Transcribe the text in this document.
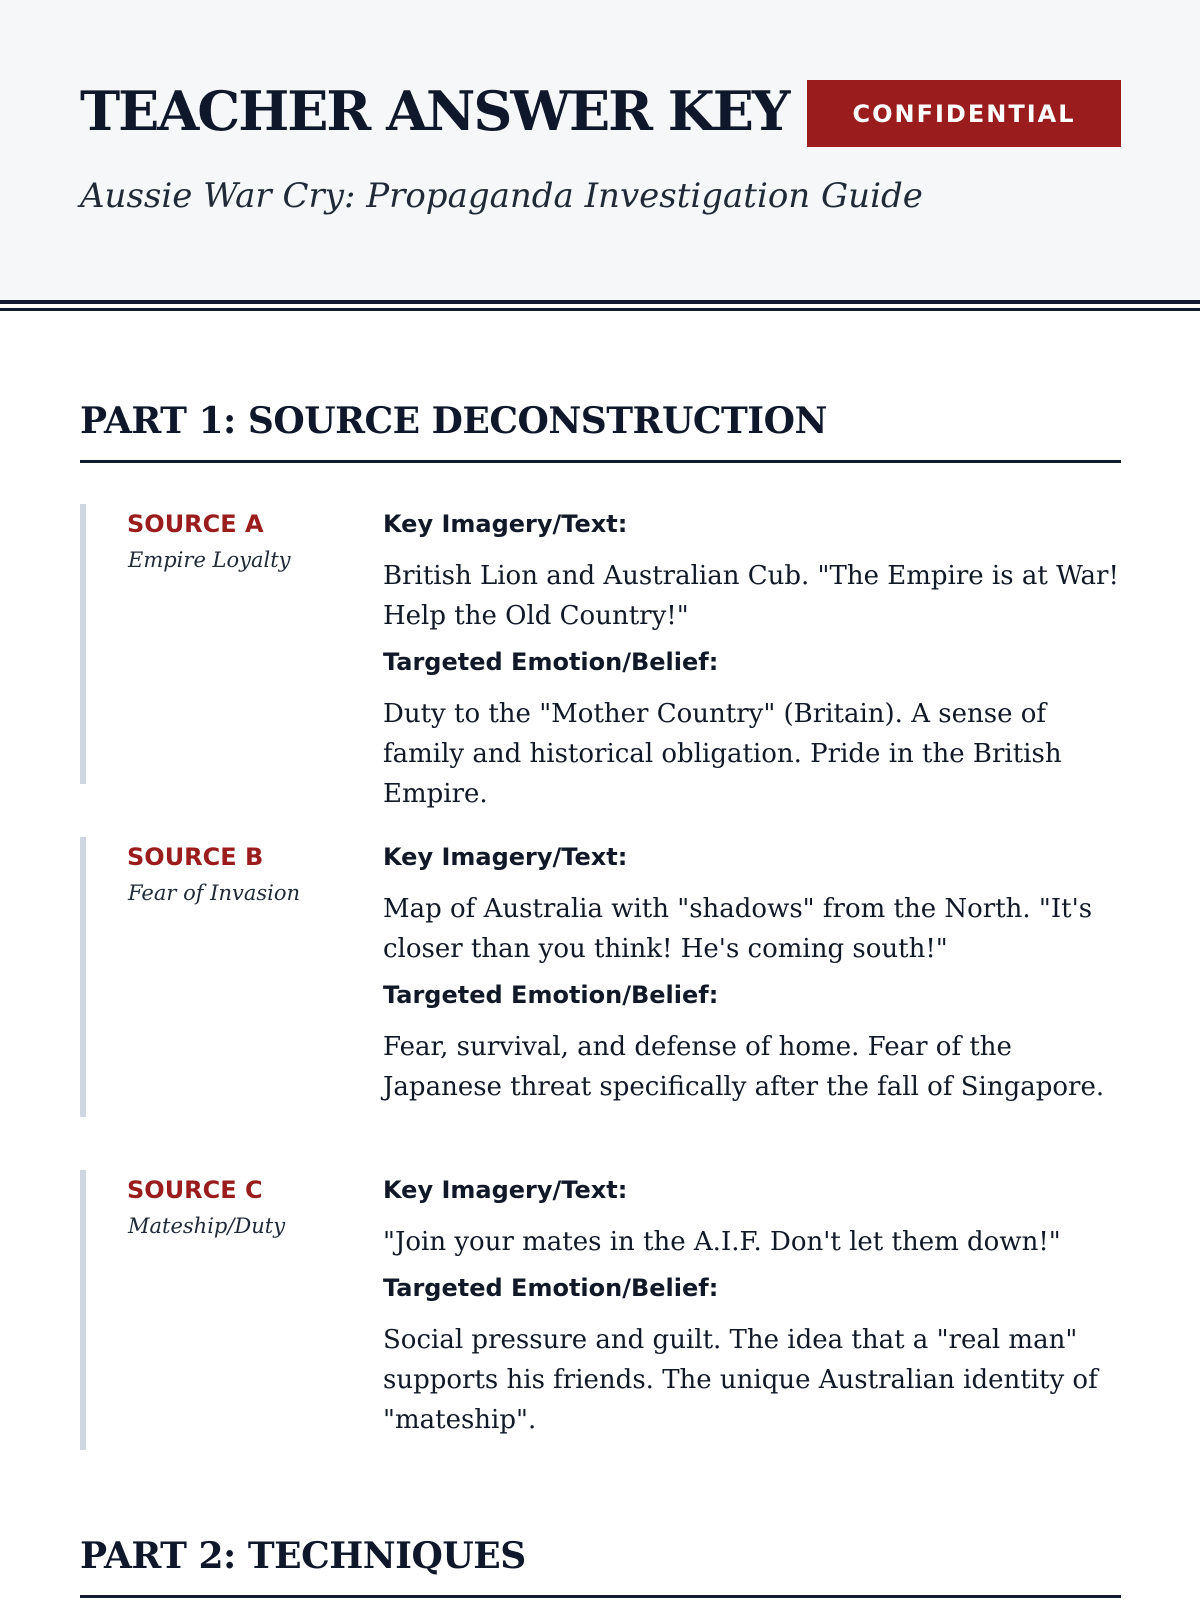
TEACHER ANSWER KEY	CONFIDENTIAL

Aussie War Cry: Propaganda Investigation Guide

PART 1: SOURCE DECONSTRUCTION
SOURCE A
Empire Loyalty

Key Imagery/Text:

British Lion and Australian Cub. "The Empire is at War! Help the Old Country!"

Targeted Emotion/Belief:

Duty to the "Mother Country" (Britain). A sense of family and historical obligation. Pride in the British Empire.

SOURCE B
Fear of Invasion

Key Imagery/Text:

Map of Australia with "shadows" from the North. "It's closer than you think! He's coming south!"

Targeted Emotion/Belief:

Fear, survival, and defense of home. Fear of the Japanese threat specifically after the fall of Singapore.

SOURCE C
Mateship/Duty

Key Imagery/Text:

"Join your mates in the A.I.F. Don't let them down!"

Targeted Emotion/Belief:

Social pressure and guilt. The idea that a "real man" supports his friends. The unique Australian identity of "mateship".

PART 2: TECHNIQUES
